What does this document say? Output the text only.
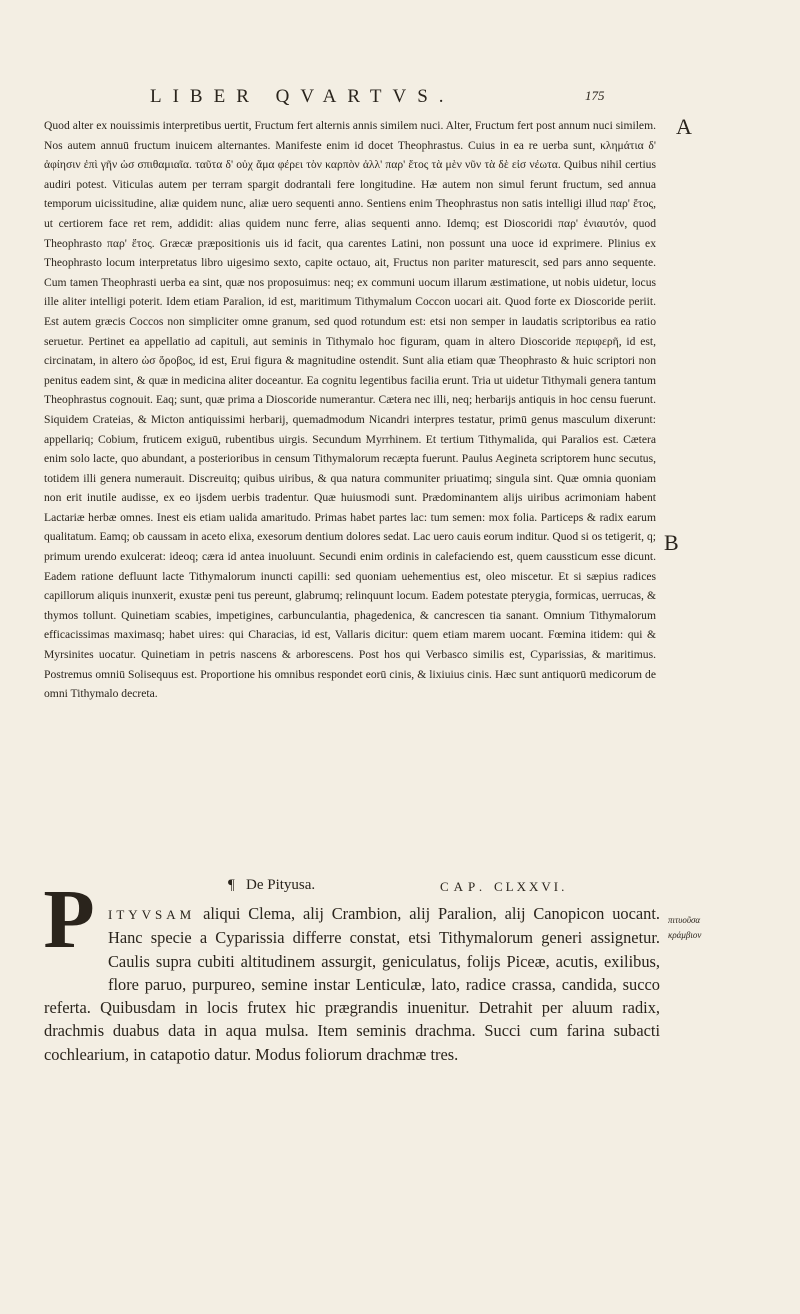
LIBER QVARTVS.	175
A
B
πιτυοῦσα
κράμβιον

Quod alter ex nouissimis interpretibus uertit, Fructum fert alternis annis similem nuci. Alter, Fructum fert post annum nuci similem. Nos autem annuū fructum inuicem alternantes. Manifeste enim id docet Theophrastus. Cuius in ea re uerba sunt, κλημάτια δ' ἀφίησιν ἐπὶ γῆν ὡσ σπιθαμιαῖα. ταῦτα δ' οὐχ ἅμα φέρει τὸν καρπὸν ἀλλ' παρ' ἔτος τὰ μὲν νῦν τὰ δὲ εἰσ νέωτα. Quibus nihil certius audiri potest. Viticulas autem per terram spargit dodrantali fere longitudine. Hæ autem non simul ferunt fructum, sed annua temporum uicissitudine, aliæ quidem nunc, aliæ uero sequenti anno. Sentiens enim Theophrastus non satis intelligi illud παρ' ἔτος, ut certiorem face ret rem, addidit: alias quidem nunc ferre, alias sequenti anno. Idemq; est Dioscoridi παρ' ἐνιαυτόν, quod Theophrasto παρ' ἔτος. Græcæ præpositionis uis id facit, qua carentes Latini, non possunt una uoce id exprimere. Plinius ex Theophrasto locum interpretatus libro uigesimo sexto, capite octauo, ait, Fructus non pariter maturescit, sed pars anno sequente. Cum tamen Theophrasti uerba ea sint, quæ nos proposuimus: neq; ex communi uocum illarum æstimatione, ut nobis uidetur, locus ille aliter intelligi poterit. Idem etiam Paralion, id est, maritimum Tithymalum Coccon uocari ait. Quod forte ex Dioscoride periit. Est autem græcis Coccos non simpliciter omne granum, sed quod rotundum est: etsi non semper in laudatis scriptoribus ea ratio seruetur. Pertinet ea appellatio ad capituli, aut seminis in Tithymalo hoc figuram, quam in altero Dioscoride περιφερῆ, id est, circinatam, in altero ὡσ ὄροβος, id est, Erui figura & magnitudine ostendit. Sunt alia etiam quæ Theophrasto & huic scriptori non penitus eadem sint, & quæ in medicina aliter doceantur. Ea cognitu legentibus facilia erunt. Tria ut uidetur Tithymali genera tantum Theophrastus cognouit. Eaq; sunt, quæ prima a Dioscoride numerantur. Cætera nec illi, neq; herbarijs antiquis in hoc censu fuerunt. Siquidem Crateias, & Micton antiquissimi herbarij, quemadmodum Nicandri interpres testatur, primū genus masculum dixerunt: appellariq; Cobium, fruticem exiguū, rubentibus uirgis. Secundum Myrrhinem. Et tertium Tithymalida, qui Paralios est. Cætera enim solo lacte, quo abundant, a posterioribus in censum Tithymalorum recæpta fuerunt. Paulus Aegineta scriptorem hunc secutus, totidem illi genera numerauit. Discreuitq; quibus uiribus, & qua natura communiter priuatimq; singula sint. Quæ omnia quoniam non erit inutile audisse, ex eo ijsdem uerbis tradentur. Quæ huiusmodi sunt. Prædominantem alijs uiribus acrimoniam habent Lactariæ herbæ omnes. Inest eis etiam ualida amaritudo. Primas habet partes lac: tum semen: mox folia. Particeps & radix earum qualitatum. Eamq; ob caussam in aceto elixa, exesorum dentium dolores sedat. Lac uero cauis eorum inditur. Quod si os tetigerit, q; primum urendo exulcerat: ideoq; cæra id antea inuoluunt. Secundi enim ordinis in calefaciendo est, quem caussticum esse dicunt. Eadem ratione defluunt lacte Tithymalorum inuncti capilli: sed quoniam uehementius est, oleo miscetur. Et si sæpius radices capillorum aliquis inunxerit, exustæ peni tus pereunt, glabrumq; relinquunt locum. Eadem potestate pterygia, formicas, uerrucas, & thymos tollunt. Quinetiam scabies, impetigines, carbunculantia, phagedenica, & cancrescen tia sanant. Omnium Tithymalorum efficacissimas maximasq; habet uires: qui Characias, id est, Vallaris dicitur: quem etiam marem uocant. Fœmina itidem: qui & Myrsinites uocatur. Quinetiam in petris nascens & arborescens. Post hos qui Verbasco similis est, Cyparissias, & maritimus. Postremus omniū Solisequus est. Proportione his omnibus respondet eorū cinis, & lixiuius cinis. Hæc sunt antiquorū medicorum de omni Tithymalo decreta.

¶ De Pityusa.	CAP. CLXXVI.
P	ITYVSAM aliqui Clema, alij Crambion, alij Paralion, alij Canopicon uocant. Hanc specie a Cyparissia differre constat, etsi Tithymalorum generi assignetur. Caulis supra cubiti altitudinem assurgit, geniculatus, folijs Piceæ, acutis, exilibus, flore paruo, purpureo, semine instar Lenticulæ, lato, radice crassa, candida, succo referta. Quibusdam in locis frutex hic prægrandis inuenitur. Detrahit per aluum radix, drachmis duabus data in aqua mulsa. Item seminis drachma. Succi cum farina subacti cochlearium, in catapotio datur. Modus foliorum drachmæ tres.
